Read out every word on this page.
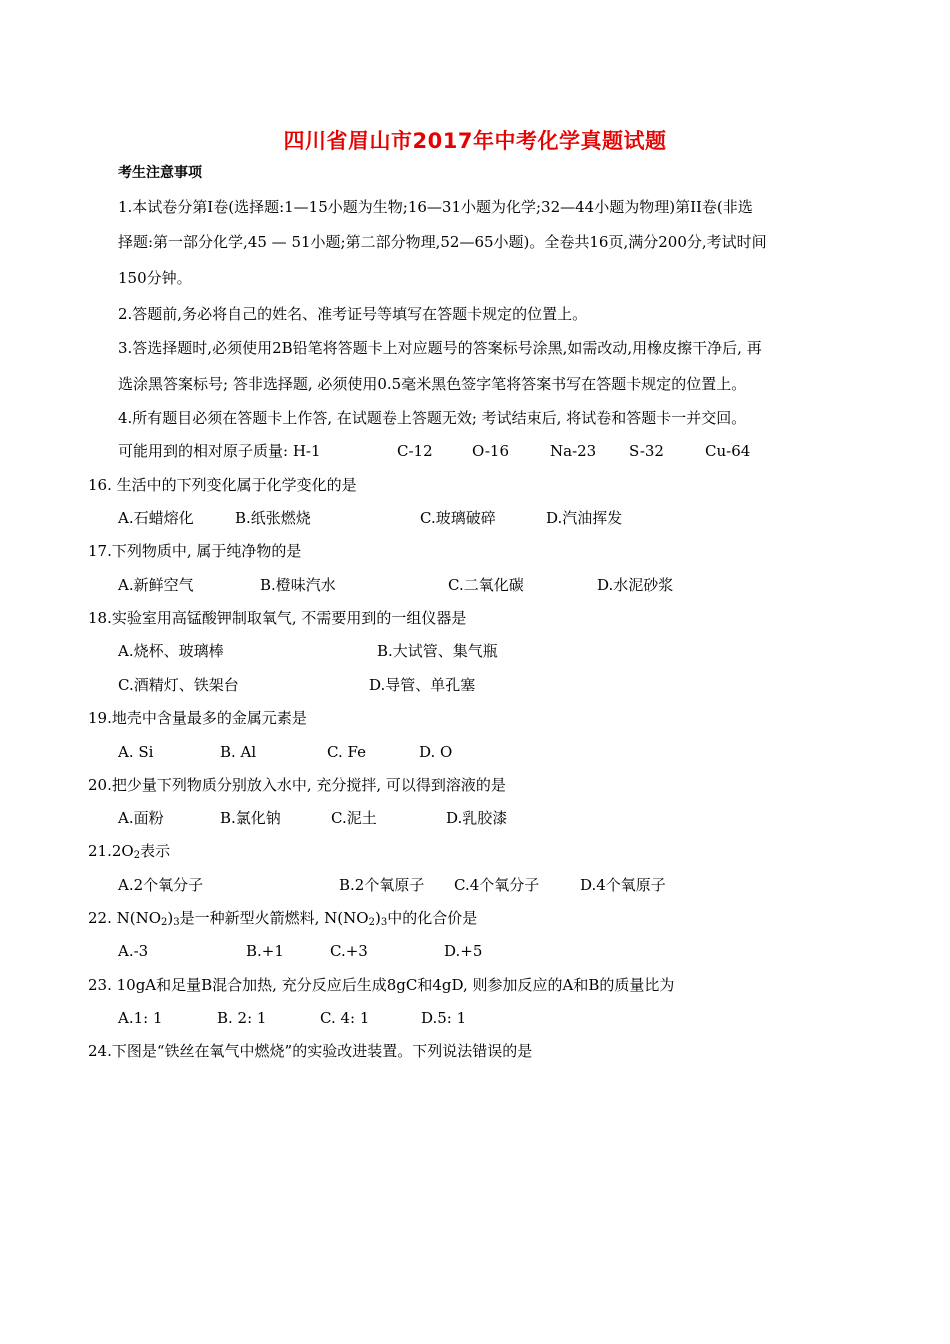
四川省眉山市2017年中考化学真题试题
考生注意事项
1.本试卷分第Ⅰ卷(选择题:1—15小题为生物;16—31小题为化学;32—44小题为物理)第II卷(非选
择题:第一部分化学,45 — 51小题;第二部分物理,52—65小题)。全卷共16页,满分200分,考试时间
150分钟。
2.答题前,务必将自己的姓名、准考证号等填写在答题卡规定的位置上。
3.答选择题时,必须使用2B铅笔将答题卡上对应题号的答案标号涂黑,如需改动,用橡皮擦干净后, 再
选涂黑答案标号; 答非选择题, 必须使用0.5毫米黑色签字笔将答案书写在答题卡规定的位置上。
4.所有题目必须在答题卡上作答, 在试题卷上答题无效; 考试结束后, 将试卷和答题卡一并交回。
可能用到的相对原子质量: H-1	C-12	O-16	Na-23 S-32	Cu-64
16. 生活中的下列变化属于化学变化的是
A.石蜡熔化	B.纸张燃烧	C.玻璃破碎	D.汽油挥发
17.下列物质中, 属于纯净物的是
A.新鲜空气	B.橙味汽水	C.二氧化碳	D.水泥砂浆
18.实验室用高锰酸钾制取氧气, 不需要用到的一组仪器是
A.烧杯、玻璃棒	B.大试管、集气瓶
C.酒精灯、铁架台	D.导管、单孔塞
19.地壳中含量最多的金属元素是
A. Si	B. Al	C. Fe	D. O
20.把少量下列物质分别放入水中, 充分搅拌, 可以得到溶液的是
A.面粉	B.氯化钠	C.泥土	D.乳胶漆
$21.2O_2$表示
A.2个氧分子	B.2个氧原子 C.4个氧分子	D.4个氧原子
22. $N(NO_2)_3$是一种新型火箭燃料, $N(NO_2)_3$中的化合价是
A.-3	B.+1	C.+3	D.+5
23. 10gA和足量B混合加热, 充分反应后生成8gC和4gD, 则参加反应的A和B的质量比为
A.1: 1	B. 2: 1	C. 4: 1	D.5: 1
24.下图是“铁丝在氧气中燃烧”的实验改进装置。下列说法错误的是
